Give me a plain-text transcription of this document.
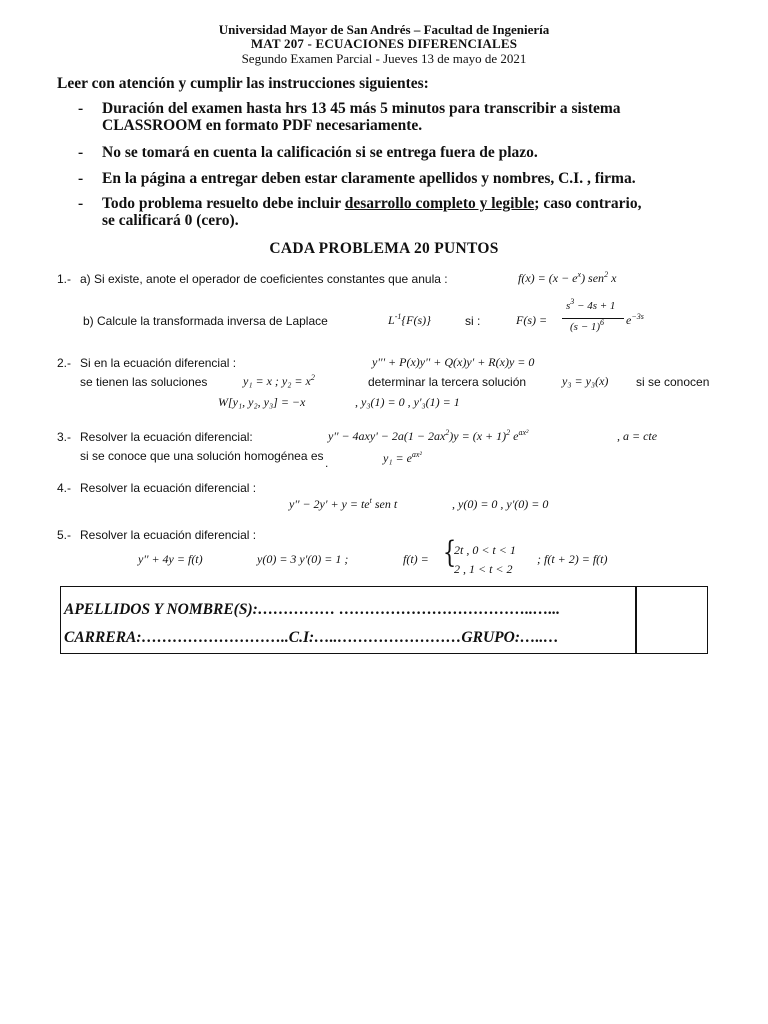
Universidad Mayor de San Andrés – Facultad de Ingeniería
MAT 207 - ECUACIONES DIFERENCIALES
Segundo Examen Parcial - Jueves 13 de mayo de 2021
Leer con atención y cumplir las instrucciones siguientes:
- Duración del examen hasta hrs 13 45 más 5 minutos para transcribir a sistema
CLASSROOM en formato PDF necesariamente.
- No se tomará en cuenta la calificación si se entrega fuera de plazo.
- En la página a entregar deben estar claramente apellidos y nombres, C.I. , firma.
- Todo problema resuelto debe incluir desarrollo completo y legible; caso contrario,
se calificará 0 (cero).
CADA PROBLEMA 20 PUNTOS
1.- a) Si existe, anote el operador de coeficientes constantes que anula :	$f(x) = (x - e^x)$ sen$^2$ x
b) Calcule la transformada inversa de Laplace	$L^{-1}\{F(s)\}$	si :	F(s) =
$s^3 - 4s + 1$
$(s - 1)^6$ $e^{-3s}$
2.- Si en la ecuación diferencial :	y''' + P(x)y'' + Q(x)y' + R(x)y = 0
se tienen las soluciones	y₁ = x ; $y_2 = x^2$	determinar la tercera solución	y₃ = y₃(x) si se conocen
W[y₁, y₂, y₃] = −x	, y₃(1) = 0 , y'₃(1) = 1
3.- Resolver la ecuación diferencial:	$y'' - 4axy' - 2a(1 - 2ax^2)y = (x + 1)^2$ $e^{ax^2}$	, a = cte
si se conoce que una solución homogénea es	$y_1 = e^{ax^2}$
.
4.- Resolver la ecuación diferencial :
$y'' - 2y' + y = te^t$ sen t	, y(0) = 0 , y'(0) = 0
5.- Resolver la ecuación diferencial :
y'' + 4y = f(t)	y(0) = 3 y'(0) = 1 ;	f(t) = {
2t , 0 < t < 1
2 , 1 < t < 2
; f(t + 2) = f(t)
APELLIDOS Y NOMBRE(S):…………… ………………………………..…...
CARRERA:………………………..C.I:…..……………………GRUPO:…..…
